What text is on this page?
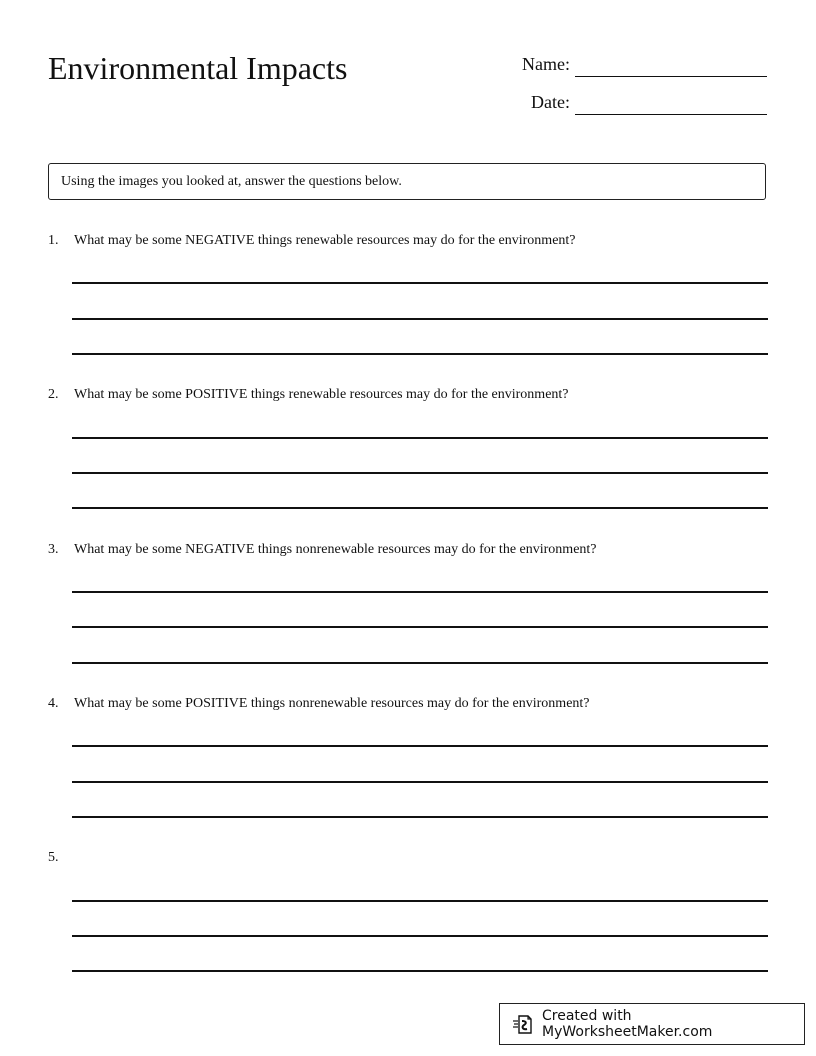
Environmental Impacts	Name:
Date:
Using the images you looked at, answer the questions below.
1. What may be some NEGATIVE things renewable resources may do for the environment?
2. What may be some POSITIVE things renewable resources may do for the environment?
3. What may be some NEGATIVE things nonrenewable resources may do for the environment?
4. What may be some POSITIVE things nonrenewable resources may do for the environment?
5.
Created with MyWorksheetMaker.com
